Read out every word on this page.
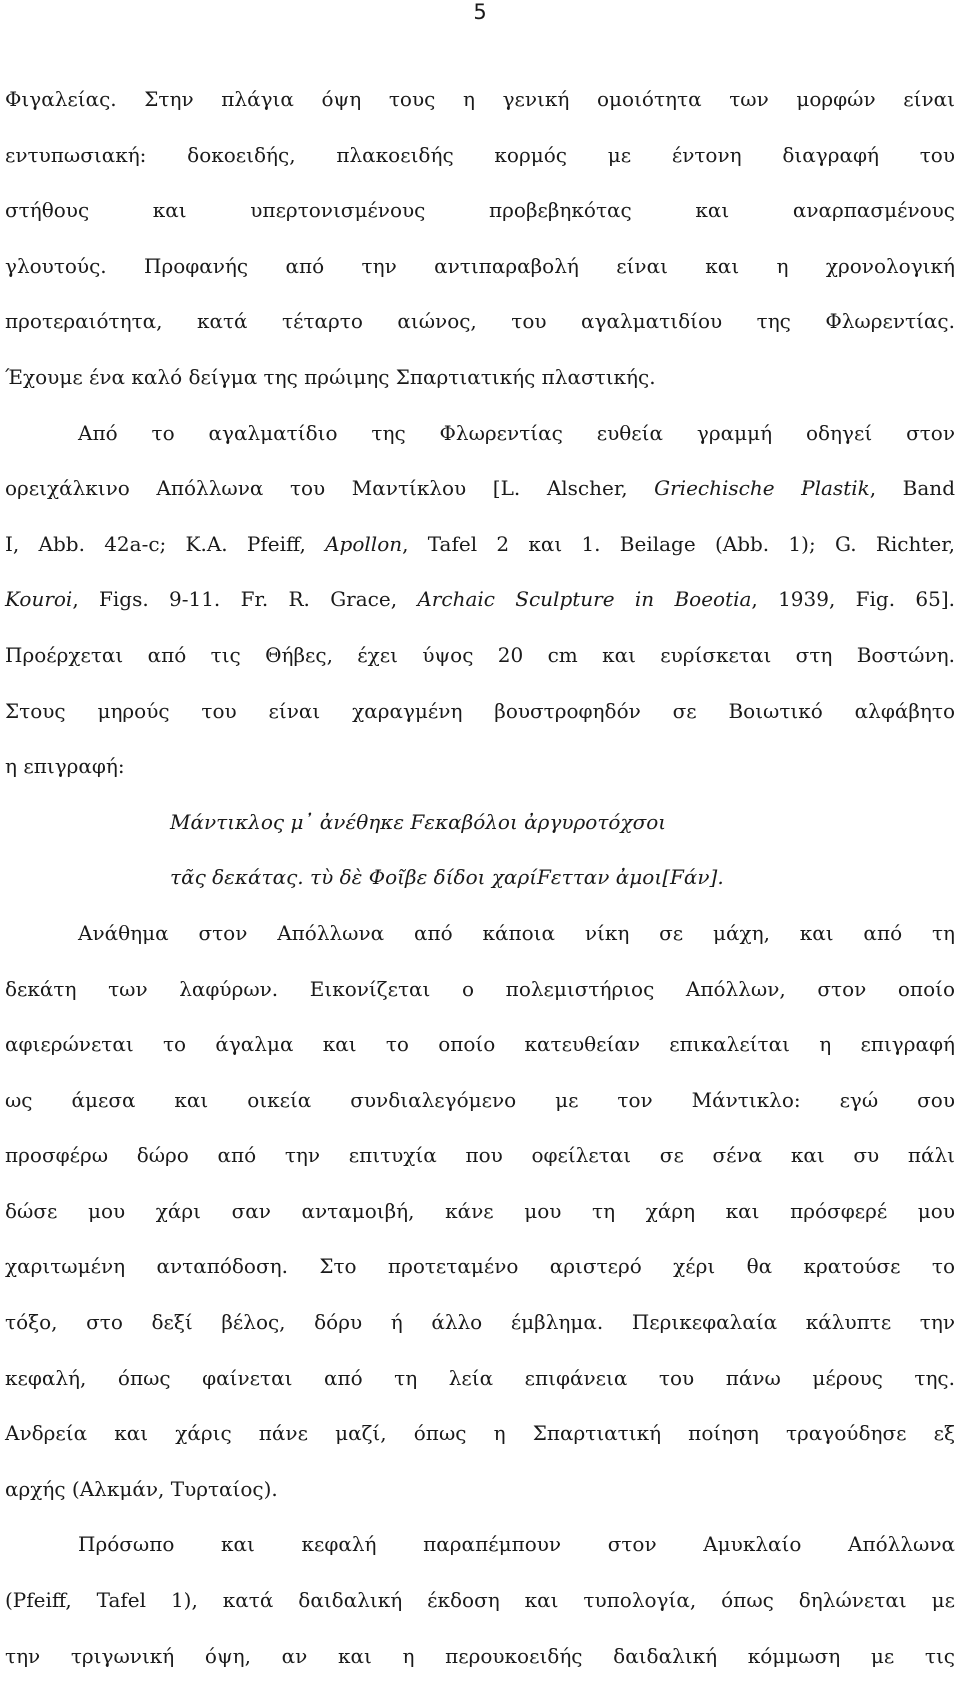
5
Φιγαλείας. Στην πλάγια όψη τους η γενική ομοιότητα των μορφών είναι
εντυπωσιακή: δοκοειδής, πλακοειδής κορμός με έντονη διαγραφή του
στήθους και υπερτονισμένους προβεβηκότας και αναρπασμένους
γλουτούς. Προφανής από την αντιπαραβολή είναι και η χρονολογική
προτεραιότητα, κατά τέταρτο αιώνος, του αγαλματιδίου της Φλωρεντίας.
Έχουμε ένα καλό δείγμα της πρώιμης Σπαρτιατικής πλαστικής.
Από το αγαλματίδιο της Φλωρεντίας ευθεία γραμμή οδηγεί στον
ορειχάλκινο Απόλλωνα του Μαντίκλου [L. Alscher, Griechische Plastik, Band
I, Abb. 42a-c; K.A. Pfeiff, Apollon, Tafel 2 και 1. Beilage (Abb. 1); G. Richter,
Kouroi, Figs. 9-11. Fr. R. Grace, Archaic Sculpture in Boeotia, 1939, Fig. 65].
Προέρχεται από τις Θήβες, έχει ύψος 20 cm και ευρίσκεται στη Βοστώνη.
Στους μηρούς του είναι χαραγμένη βουστροφηδόν σε Βοιωτικό αλφάβητο
η επιγραφή:
Μάντικλος μ᾽ ἀνέθηκε Fεκαβόλοι ἀργυροτόχσοι
τᾶς δεκάτας. τὺ δὲ Φοῖβε δίδοι χαρίFετταν ἀμοι[Fάν].
Ανάθημα στον Απόλλωνα από κάποια νίκη σε μάχη, και από τη
δεκάτη των λαφύρων. Εικονίζεται ο πολεμιστήριος Απόλλων, στον οποίο
αφιερώνεται το άγαλμα και το οποίο κατευθείαν επικαλείται η επιγραφή
ως άμεσα και οικεία συνδιαλεγόμενο με τον Μάντικλο: εγώ σου
προσφέρω δώρο από την επιτυχία που οφείλεται σε σένα και συ πάλι
δώσε μου χάρι σαν ανταμοιβή, κάνε μου τη χάρη και πρόσφερέ μου
χαριτωμένη ανταπόδοση. Στο προτεταμένο αριστερό χέρι θα κρατούσε το
τόξο, στο δεξί βέλος, δόρυ ή άλλο έμβλημα. Περικεφαλαία κάλυπτε την
κεφαλή, όπως φαίνεται από τη λεία επιφάνεια του πάνω μέρους της.
Ανδρεία και χάρις πάνε μαζί, όπως η Σπαρτιατική ποίηση τραγούδησε εξ
αρχής (Αλκμάν, Τυρταίος).
Πρόσωπο και κεφαλή παραπέμπουν στον Αμυκλαίο Απόλλωνα
(Pfeiff, Tafel 1), κατά δαιδαλική έκδοση και τυπολογία, όπως δηλώνεται με
την τριγωνική όψη, αν και η περουκοειδής δαιδαλική κόμμωση με τις
